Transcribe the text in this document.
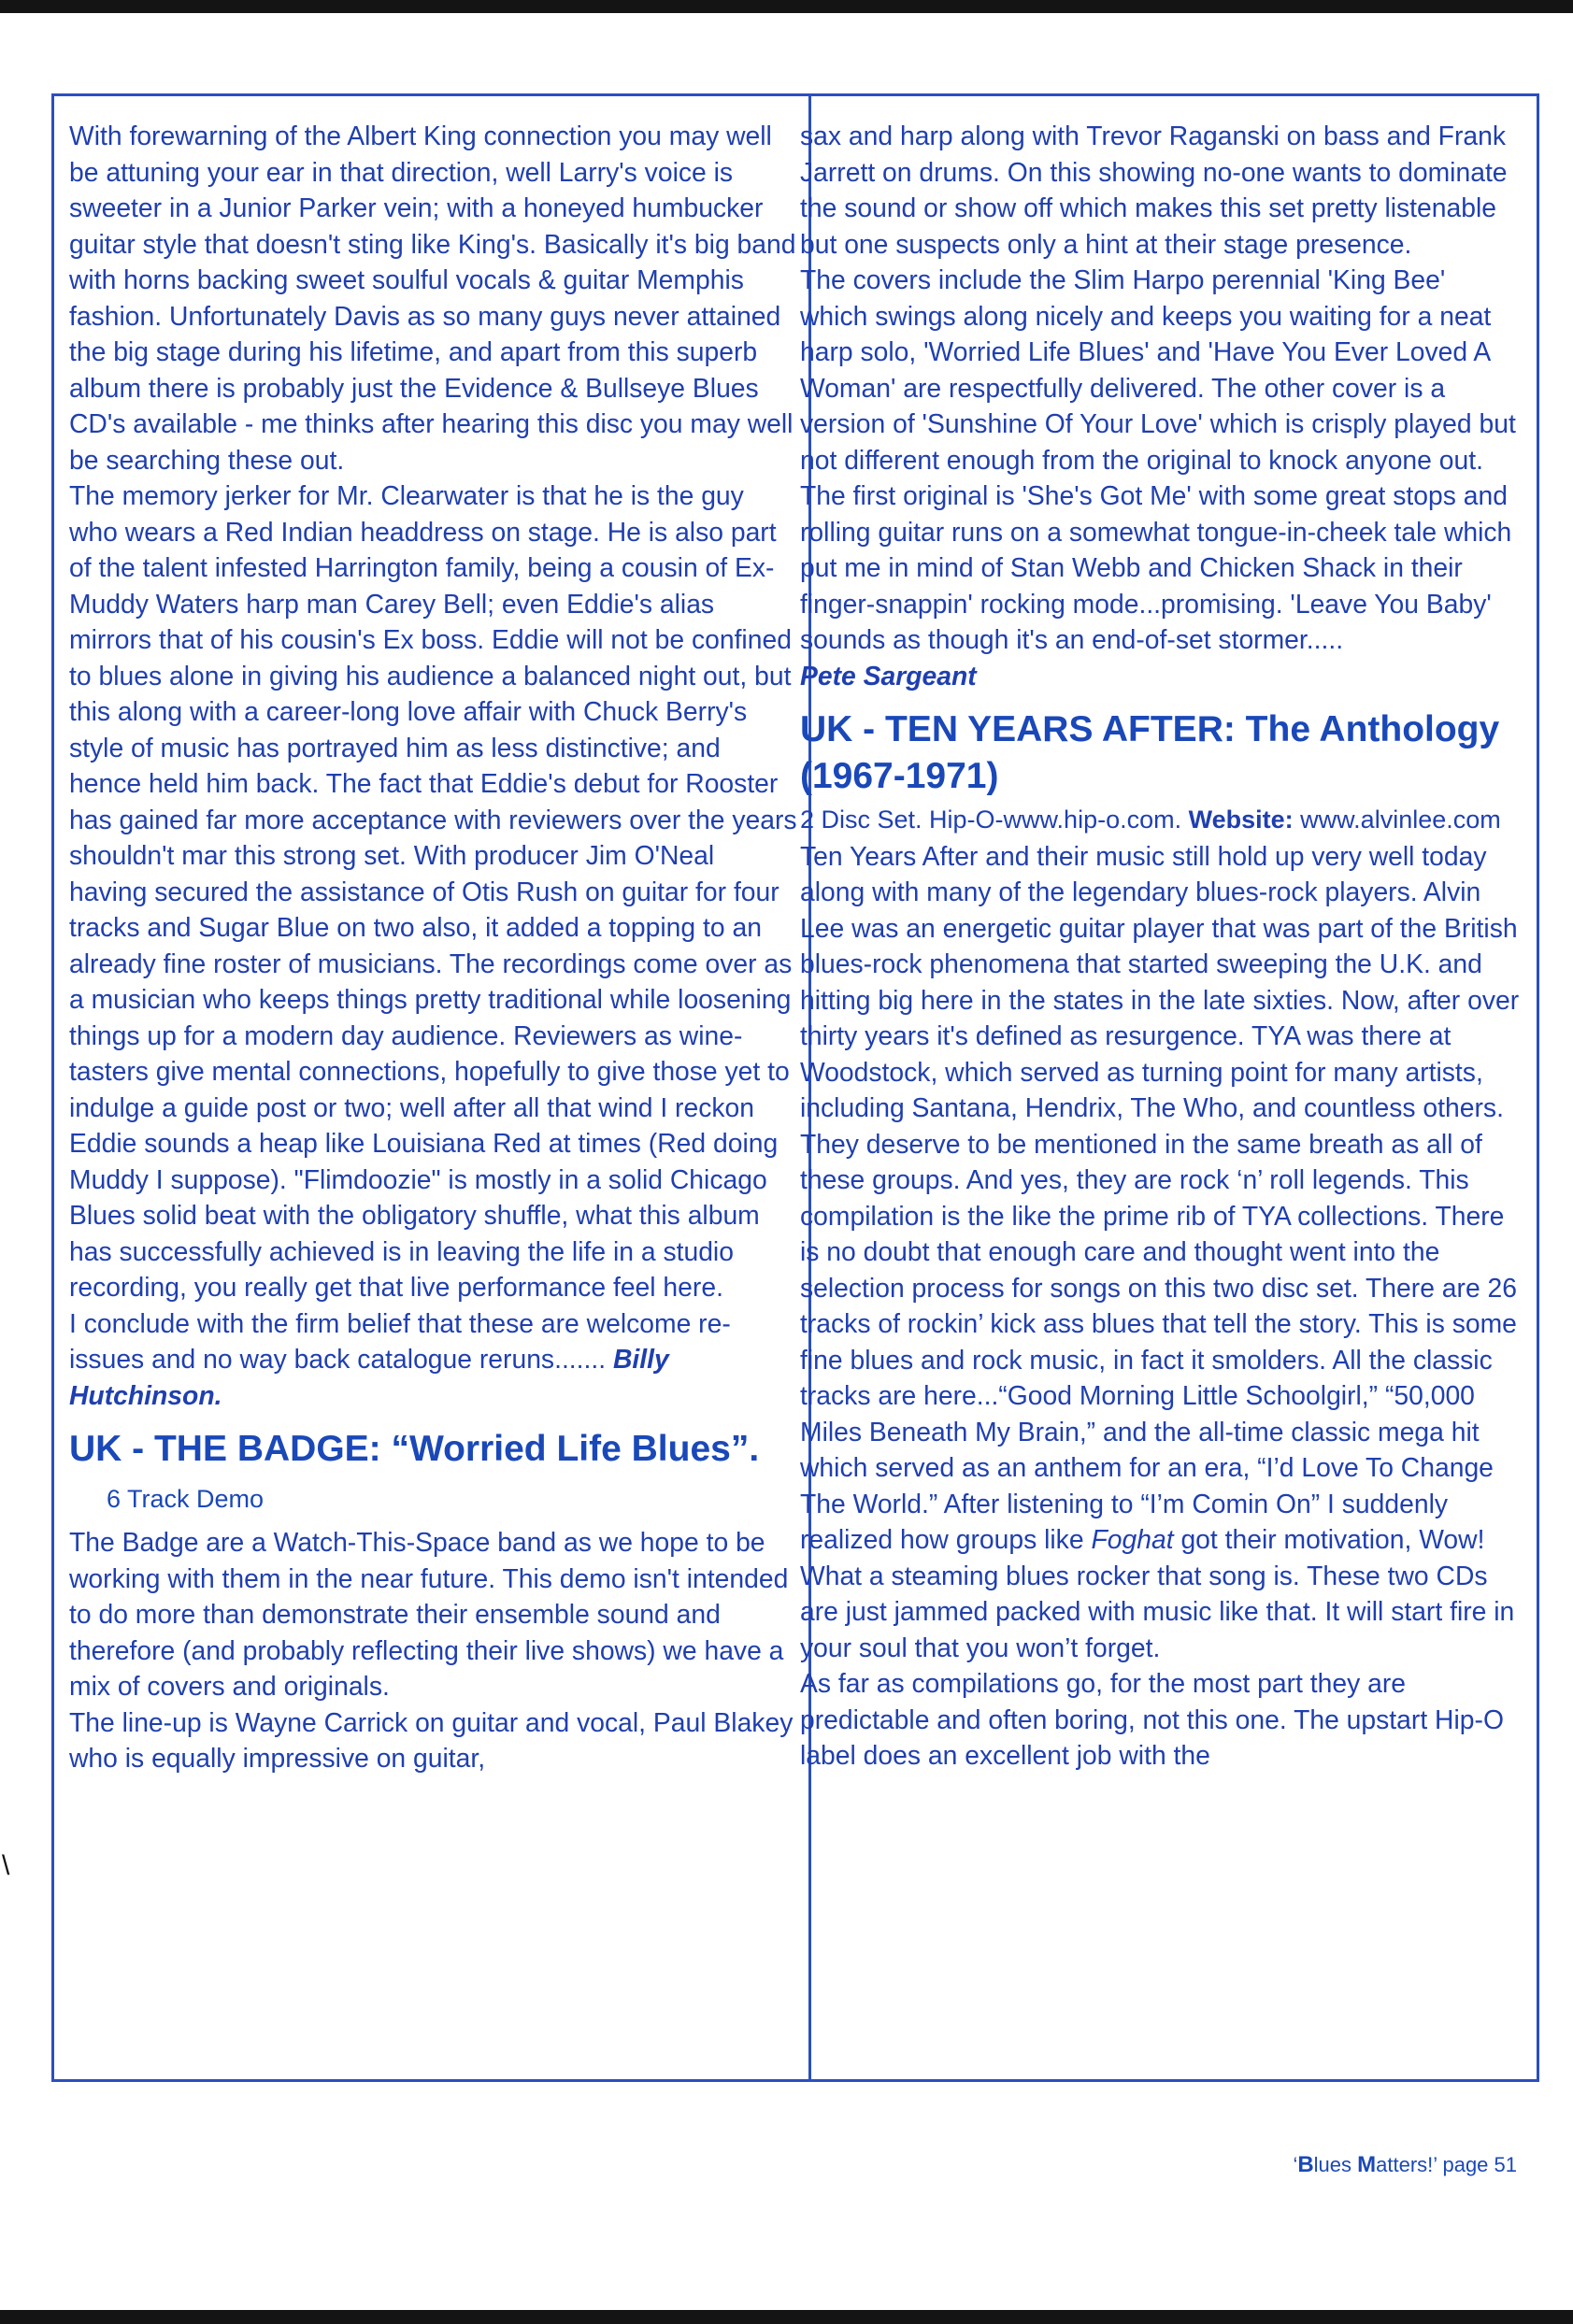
\

With forewarning of the Albert King connection you may well be attuning your ear in that direction, well Larry's voice is sweeter in a Junior Parker vein; with a honeyed humbucker guitar style that doesn't sting like King's. Basically it's big band with horns backing sweet soulful vocals & guitar Memphis fashion. Unfortunately Davis as so many guys never attained the big stage during his lifetime, and apart from this superb album there is probably just the Evidence & Bullseye Blues CD's available - me thinks after hearing this disc you may well be searching these out.

The memory jerker for Mr. Clearwater is that he is the guy who wears a Red Indian headdress on stage. He is also part of the talent infested Harrington family, being a cousin of Ex-Muddy Waters harp man Carey Bell; even Eddie's alias mirrors that of his cousin's Ex boss. Eddie will not be confined to blues alone in giving his audience a balanced night out, but this along with a career-long love affair with Chuck Berry's style of music has portrayed him as less distinctive; and hence held him back. The fact that Eddie's debut for Rooster has gained far more acceptance with reviewers over the years shouldn't mar this strong set. With producer Jim O'Neal having secured the assistance of Otis Rush on guitar for four tracks and Sugar Blue on two also, it added a topping to an already fine roster of musicians. The recordings come over as a musician who keeps things pretty traditional while loosening things up for a modern day audience. Reviewers as wine-tasters give mental connections, hopefully to give those yet to indulge a guide post or two; well after all that wind I reckon Eddie sounds a heap like Louisiana Red at times (Red doing Muddy I suppose). "Flimdoozie" is mostly in a solid Chicago Blues solid beat with the obligatory shuffle, what this album has successfully achieved is in leaving the life in a studio recording, you really get that live performance feel here.

I conclude with the firm belief that these are welcome re-issues and no way back catalogue reruns....... Billy Hutchinson.

UK - THE BADGE: “Worried Life Blues”. 6 Track Demo

The Badge are a Watch-This-Space band as we hope to be working with them in the near future. This demo isn't intended to do more than demonstrate their ensemble sound and therefore (and probably reflecting their live shows) we have a mix of covers and originals.

The line-up is Wayne Carrick on guitar and vocal, Paul Blakey who is equally impressive on guitar,

sax and harp along with Trevor Raganski on bass and Frank Jarrett on drums. On this showing no-one wants to dominate the sound or show off which makes this set pretty listenable but one suspects only a hint at their stage presence.

The covers include the Slim Harpo perennial 'King Bee' which swings along nicely and keeps you waiting for a neat harp solo, 'Worried Life Blues' and 'Have You Ever Loved A Woman' are respectfully delivered. The other cover is a version of 'Sunshine Of Your Love' which is crisply played but not different enough from the original to knock anyone out.

The first original is 'She's Got Me' with some great stops and rolling guitar runs on a somewhat tongue-in-cheek tale which put me in mind of Stan Webb and Chicken Shack in their finger-snappin' rocking mode...promising. 'Leave You Baby' sounds as though it's an end-of-set stormer.....

Pete Sargeant

UK - TEN YEARS AFTER: The Anthology (1967-1971)

2 Disc Set. Hip-O-www.hip-o.com. Website: www.alvinlee.com

Ten Years After and their music still hold up very well today along with many of the legendary blues-rock players. Alvin Lee was an energetic guitar player that was part of the British blues-rock phenomena that started sweeping the U.K. and hitting big here in the states in the late sixties. Now, after over thirty years it's defined as resurgence. TYA was there at Woodstock, which served as turning point for many artists, including Santana, Hendrix, The Who, and countless others. They deserve to be mentioned in the same breath as all of these groups. And yes, they are rock ‘n’ roll legends. This compilation is the like the prime rib of TYA collections. There is no doubt that enough care and thought went into the selection process for songs on this two disc set. There are 26 tracks of rockin’ kick ass blues that tell the story. This is some fine blues and rock music, in fact it smolders. All the classic tracks are here...“Good Morning Little Schoolgirl,” “50,000 Miles Beneath My Brain,” and the all-time classic mega hit which served as an anthem for an era, “I’d Love To Change The World.” After listening to “I’m Comin On” I suddenly realized how groups like Foghat got their motivation, Wow! What a steaming blues rocker that song is. These two CDs are just jammed packed with music like that. It will start fire in your soul that you won’t forget.

As far as compilations go, for the most part they are predictable and often boring, not this one. The upstart Hip-O label does an excellent job with the

‘Blues Matters!’ page 51
